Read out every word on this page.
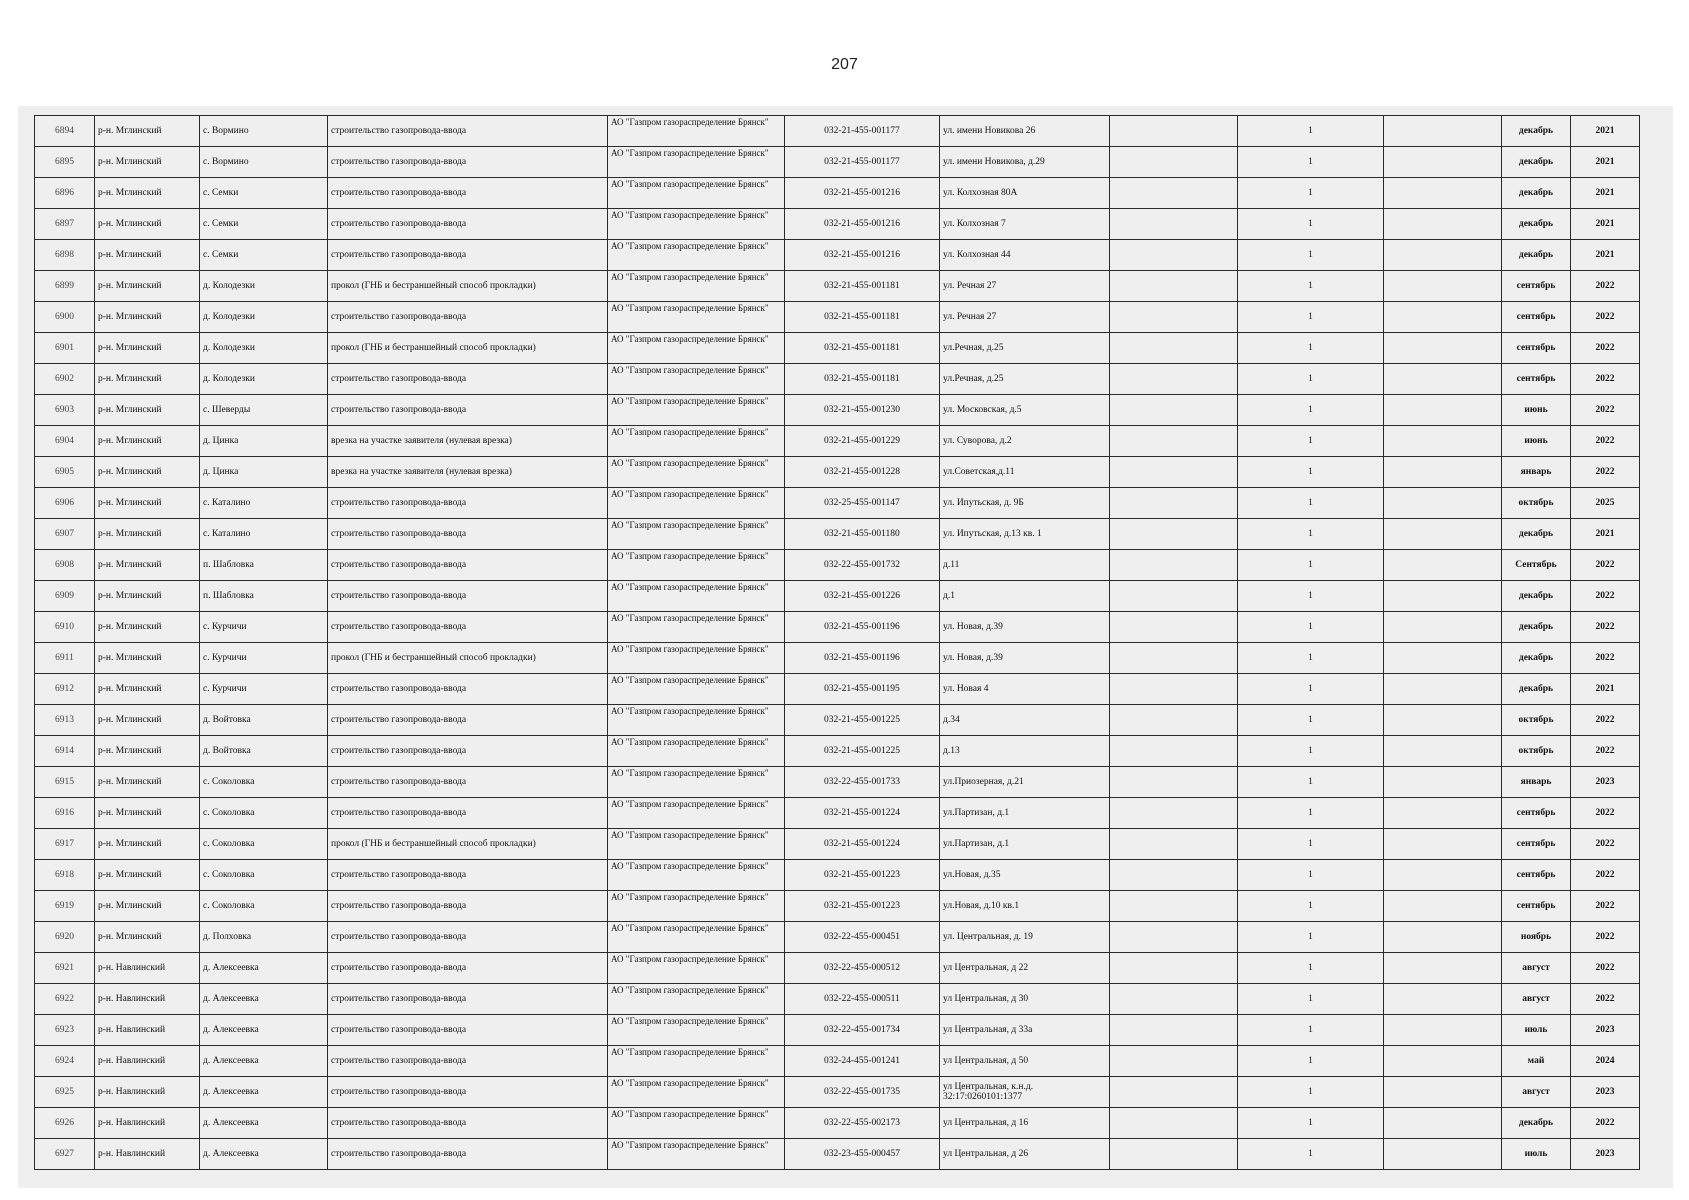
207
6894	р-н. Мглинский	с. Вормино	строительство газопровода-ввода	АО "Газпром газораспределение Брянск"	032-21-455-001177	ул. имени Новикова 26		1		декабрь	2021
6895	р-н. Мглинский	с. Вормино	строительство газопровода-ввода	АО "Газпром газораспределение Брянск"	032-21-455-001177	ул. имени Новикова, д.29		1		декабрь	2021
6896	р-н. Мглинский	с. Семки	строительство газопровода-ввода	АО "Газпром газораспределение Брянск"	032-21-455-001216	ул. Колхозная 80А		1		декабрь	2021
6897	р-н. Мглинский	с. Семки	строительство газопровода-ввода	АО "Газпром газораспределение Брянск"	032-21-455-001216	ул. Колхозная 7		1		декабрь	2021
6898	р-н. Мглинский	с. Семки	строительство газопровода-ввода	АО "Газпром газораспределение Брянск"	032-21-455-001216	ул. Колхозная 44		1		декабрь	2021
6899	р-н. Мглинский	д. Колодезки	прокол (ГНБ и бестраншейный способ прокладки)	АО "Газпром газораспределение Брянск"	032-21-455-001181	ул. Речная 27		1		сентябрь	2022
6900	р-н. Мглинский	д. Колодезки	строительство газопровода-ввода	АО "Газпром газораспределение Брянск"	032-21-455-001181	ул. Речная 27		1		сентябрь	2022
6901	р-н. Мглинский	д. Колодезки	прокол (ГНБ и бестраншейный способ прокладки)	АО "Газпром газораспределение Брянск"	032-21-455-001181	ул.Речная, д.25		1		сентябрь	2022
6902	р-н. Мглинский	д. Колодезки	строительство газопровода-ввода	АО "Газпром газораспределение Брянск"	032-21-455-001181	ул.Речная, д.25		1		сентябрь	2022
6903	р-н. Мглинский	с. Шеверды	строительство газопровода-ввода	АО "Газпром газораспределение Брянск"	032-21-455-001230	ул. Московская, д.5		1		июнь	2022
6904	р-н. Мглинский	д. Цинка	врезка на участке заявителя (нулевая врезка)	АО "Газпром газораспределение Брянск"	032-21-455-001229	ул. Суворова, д.2		1		июнь	2022
6905	р-н. Мглинский	д. Цинка	врезка на участке заявителя (нулевая врезка)	АО "Газпром газораспределение Брянск"	032-21-455-001228	ул.Советская,д.11		1		январь	2022
6906	р-н. Мглинский	с. Каталино	строительство газопровода-ввода	АО "Газпром газораспределение Брянск"	032-25-455-001147	ул. Ипутьская, д. 9Б		1		октябрь	2025
6907	р-н. Мглинский	с. Каталино	строительство газопровода-ввода	АО "Газпром газораспределение Брянск"	032-21-455-001180	ул. Ипутьская, д.13 кв. 1		1		декабрь	2021
6908	р-н. Мглинский	п. Шабловка	строительство газопровода-ввода	АО "Газпром газораспределение Брянск"	032-22-455-001732	д.11		1		Сентябрь	2022
6909	р-н. Мглинский	п. Шабловка	строительство газопровода-ввода	АО "Газпром газораспределение Брянск"	032-21-455-001226	д.1		1		декабрь	2022
6910	р-н. Мглинский	с. Курчичи	строительство газопровода-ввода	АО "Газпром газораспределение Брянск"	032-21-455-001196	ул. Новая, д.39		1		декабрь	2022
6911	р-н. Мглинский	с. Курчичи	прокол (ГНБ и бестраншейный способ прокладки)	АО "Газпром газораспределение Брянск"	032-21-455-001196	ул. Новая, д.39		1		декабрь	2022
6912	р-н. Мглинский	с. Курчичи	строительство газопровода-ввода	АО "Газпром газораспределение Брянск"	032-21-455-001195	ул. Новая 4		1		декабрь	2021
6913	р-н. Мглинский	д. Войтовка	строительство газопровода-ввода	АО "Газпром газораспределение Брянск"	032-21-455-001225	д.34		1		октябрь	2022
6914	р-н. Мглинский	д. Войтовка	строительство газопровода-ввода	АО "Газпром газораспределение Брянск"	032-21-455-001225	д.13		1		октябрь	2022
6915	р-н. Мглинский	с. Соколовка	строительство газопровода-ввода	АО "Газпром газораспределение Брянск"	032-22-455-001733	ул.Приозерная, д.21		1		январь	2023
6916	р-н. Мглинский	с. Соколовка	строительство газопровода-ввода	АО "Газпром газораспределение Брянск"	032-21-455-001224	ул.Партизан, д.1		1		сентябрь	2022
6917	р-н. Мглинский	с. Соколовка	прокол (ГНБ и бестраншейный способ прокладки)	АО "Газпром газораспределение Брянск"	032-21-455-001224	ул.Партизан, д.1		1		сентябрь	2022
6918	р-н. Мглинский	с. Соколовка	строительство газопровода-ввода	АО "Газпром газораспределение Брянск"	032-21-455-001223	ул.Новая, д.35		1		сентябрь	2022
6919	р-н. Мглинский	с. Соколовка	строительство газопровода-ввода	АО "Газпром газораспределение Брянск"	032-21-455-001223	ул.Новая, д.10 кв.1		1		сентябрь	2022
6920	р-н. Мглинский	д. Полховка	строительство газопровода-ввода	АО "Газпром газораспределение Брянск"	032-22-455-000451	ул. Центральная, д. 19		1		ноябрь	2022
6921	р-н. Навлинский	д. Алексеевка	строительство газопровода-ввода	АО "Газпром газораспределение Брянск"	032-22-455-000512	ул Центральная, д 22		1		август	2022
6922	р-н. Навлинский	д. Алексеевка	строительство газопровода-ввода	АО "Газпром газораспределение Брянск"	032-22-455-000511	ул Центральная, д 30		1		август	2022
6923	р-н. Навлинский	д. Алексеевка	строительство газопровода-ввода	АО "Газпром газораспределение Брянск"	032-22-455-001734	ул Центральная, д 33а		1		июль	2023
6924	р-н. Навлинский	д. Алексеевка	строительство газопровода-ввода	АО "Газпром газораспределение Брянск"	032-24-455-001241	ул Центральная, д 50		1		май	2024
6925	р-н. Навлинский	д. Алексеевка	строительство газопровода-ввода	АО "Газпром газораспределение Брянск"	032-22-455-001735	ул Центральная, к.н.д. 32:17:0260101:1377		1		август	2023
6926	р-н. Навлинский	д. Алексеевка	строительство газопровода-ввода	АО "Газпром газораспределение Брянск"	032-22-455-002173	ул Центральная, д 16		1		декабрь	2022
6927	р-н. Навлинский	д. Алексеевка	строительство газопровода-ввода	АО "Газпром газораспределение Брянск"	032-23-455-000457	ул Центральная, д 26		1		июль	2023
